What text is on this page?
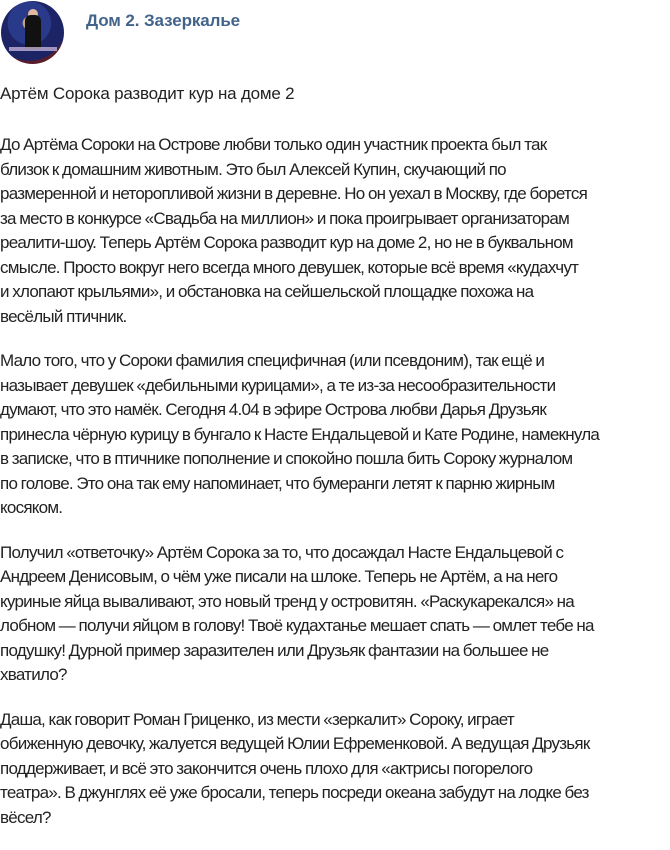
Дом 2. Зазеркалье
Артём Сорока разводит кур на доме 2

До Артёма Сороки на Острове любви только один участник проекта был так
близок к домашним животным. Это был Алексей Купин, скучающий по
размеренной и неторопливой жизни в деревне. Но он уехал в Москву, где борется
за место в конкурсе «Свадьба на миллион» и пока проигрывает организаторам
реалити-шоу. Теперь Артём Сорока разводит кур на доме 2, но не в буквальном
смысле. Просто вокруг него всегда много девушек, которые всё время «кудахчут
и хлопают крыльями», и обстановка на сейшельской площадке похожа на
весёлый птичник.

Мало того, что у Сороки фамилия специфичная (или псевдоним), так ещё и
называет девушек «дебильными курицами», а те из-за несообразительности
думают, что это намёк. Сегодня 4.04 в эфире Острова любви Дарья Друзьяк
принесла чёрную курицу в бунгало к Насте Ендальцевой и Кате Родине, намекнула
в записке, что в птичнике пополнение и спокойно пошла бить Сороку журналом
по голове. Это она так ему напоминает, что бумеранги летят к парню жирным
косяком.

Получил «ответочку» Артём Сорока за то, что досаждал Насте Ендальцевой с
Андреем Денисовым, о чём уже писали на шлоке. Теперь не Артём, а на него
куриные яйца вываливают, это новый тренд у островитян. «Раскукарекался» на
лобном — получи яйцом в голову! Твоё кудахтанье мешает спать — омлет тебе на
подушку! Дурной пример заразителен или Друзьяк фантазии на большее не
хватило?

Даша, как говорит Роман Гриценко, из мести «зеркалит» Сороку, играет
обиженную девочку, жалуется ведущей Юлии Ефременковой. А ведущая Друзьяк
поддерживает, и всё это закончится очень плохо для «актрисы погорелого
театра». В джунглях её уже бросали, теперь посреди океана забудут на лодке без
вёсел?
